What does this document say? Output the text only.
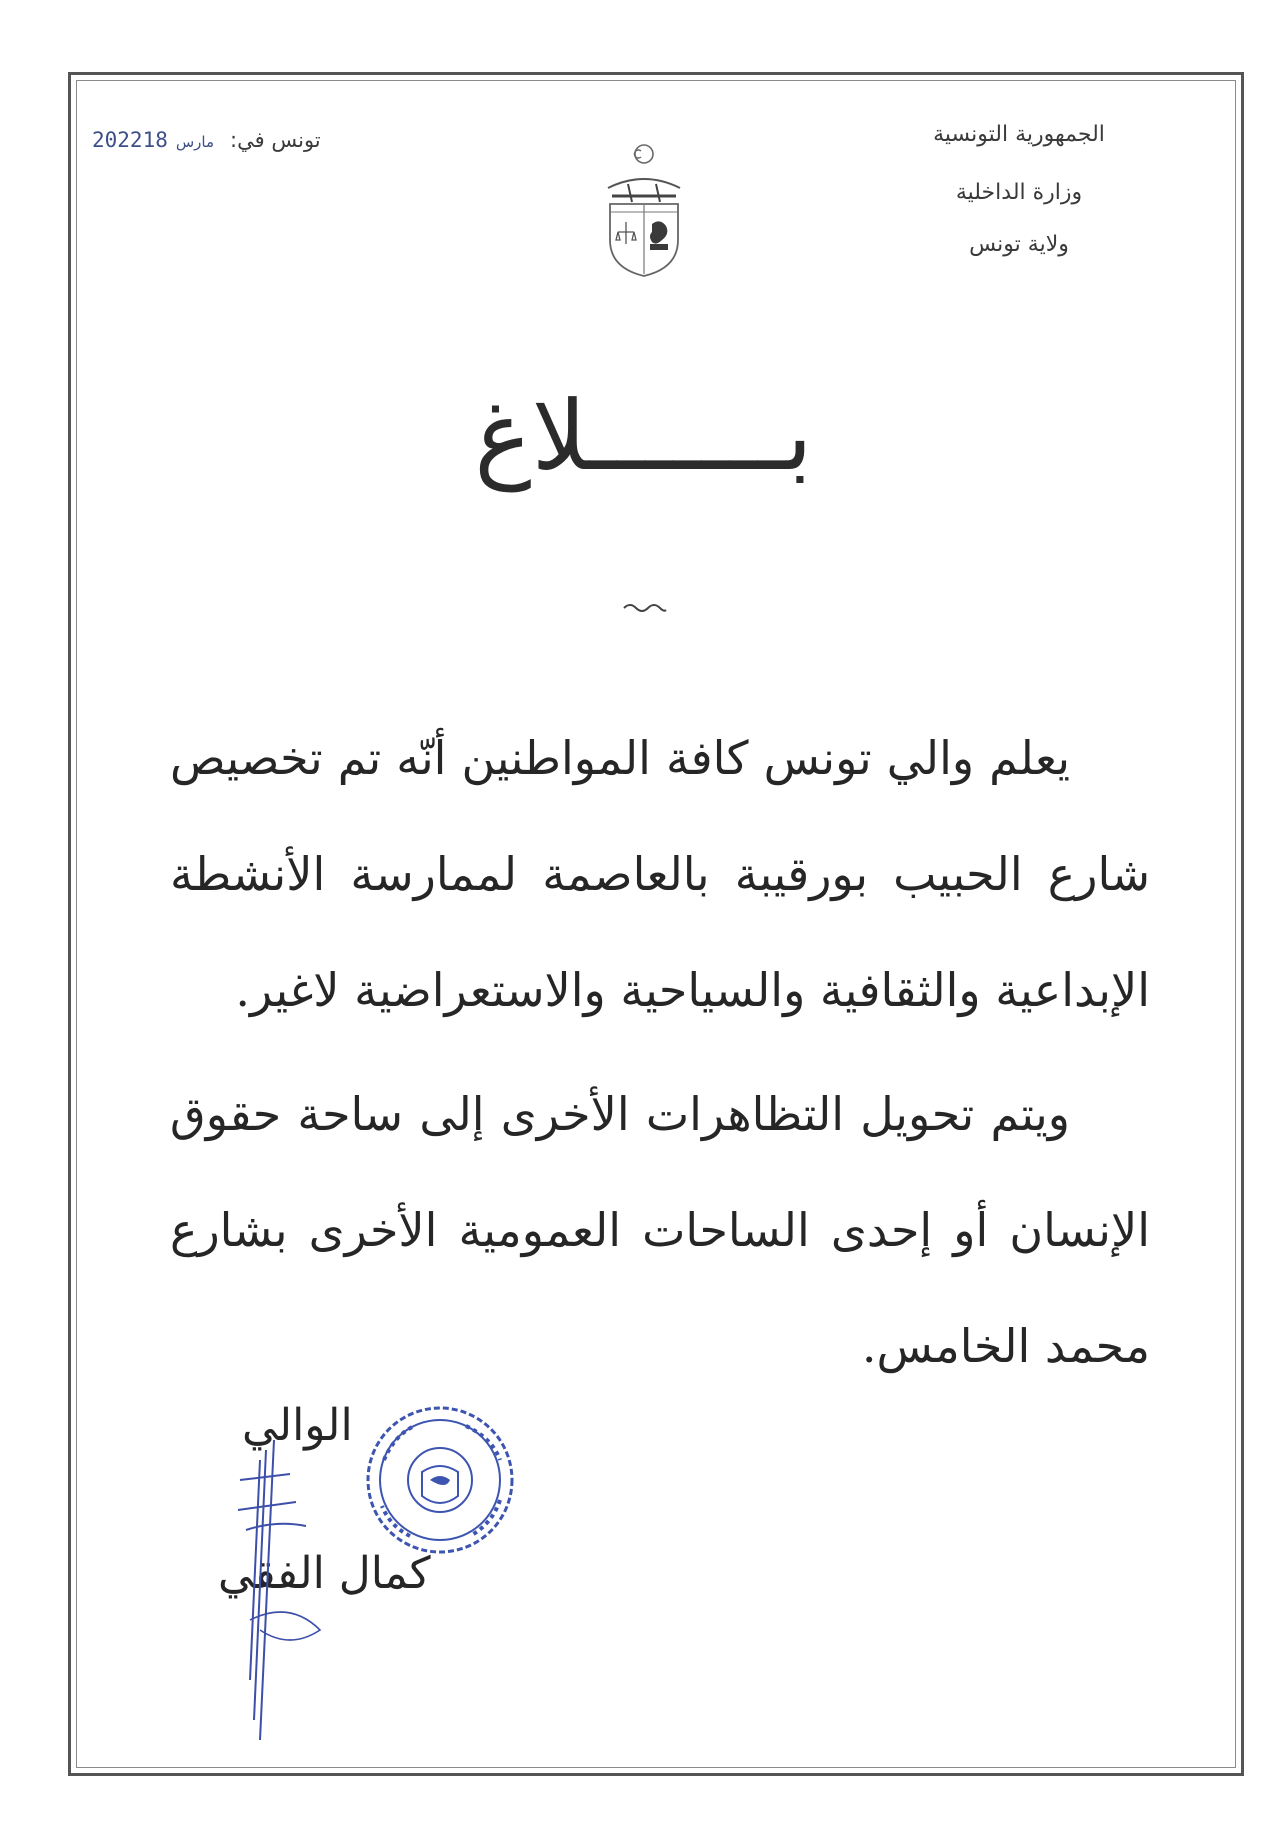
الجمهورية التونسية
وزارة الداخلية
ولاية تونس
تونس في:
2022 مارس18
بـــــــلاغ
يعلم والي تونس كافة المواطنين أنّه تم تخصيص شارع الحبيب بورقيبة بالعاصمة لممارسة الأنشطة الإبداعية والثقافية والسياحية والاستعراضية لاغير.
ويتم تحويل التظاهرات الأخرى إلى ساحة حقوق الإنسان أو إحدى الساحات العمومية الأخرى بشارع محمد الخامس.
الوالي
كمال الفقي
